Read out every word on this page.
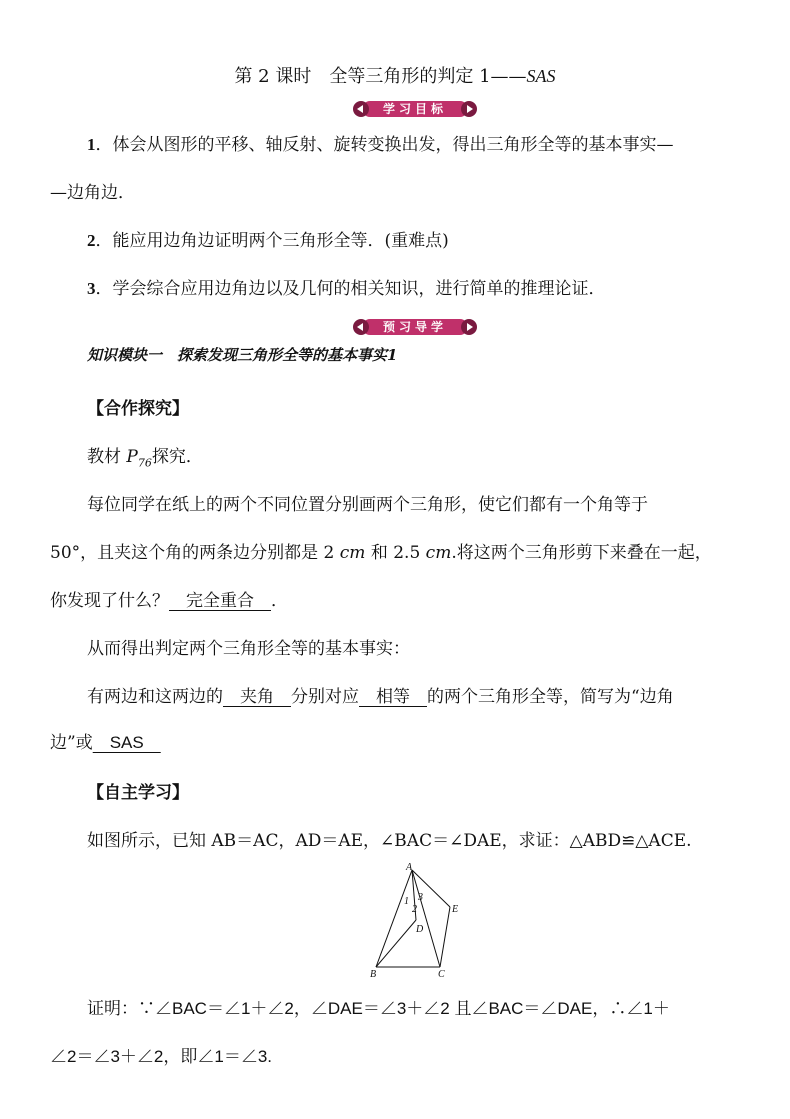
第 2 课时　全等三角形的判定 1——SAS
学习目标
1．体会从图形的平移、轴反射、旋转变换出发，得出三角形全等的基本事实—
—边角边．
2．能应用边角边证明两个三角形全等．(重难点)
3．学会综合应用边角边以及几何的相关知识，进行简单的推理论证．
预习导学
知识模块一　探索发现三角形全等的基本事实1
【合作探究】
教材 $P_{76}$探究．
每位同学在纸上的两个不同位置分别画两个三角形，使它们都有一个角等于
50°，且夹这个角的两条边分别都是 2 cm 和 2.5 cm.将这两个三角形剪下来叠在一起，
你发现了什么？　完全重合　．
从而得出判定两个三角形全等的基本事实：
有两边和这两边的　夹角　分别对应　相等　的两个三角形全等，简写为“边角
边”或　SAS　
【自主学习】
如图所示，已知 AB＝AC，AD＝AE，∠BAC＝∠DAE，求证：△ABD≌△ACE.
A
B	C
D
E
1
2
3
证明：∵∠BAC＝∠1＋∠2，∠DAE＝∠3＋∠2 且∠BAC＝∠DAE，∴∠1＋
∠2＝∠3＋∠2，即∠1＝∠3.
